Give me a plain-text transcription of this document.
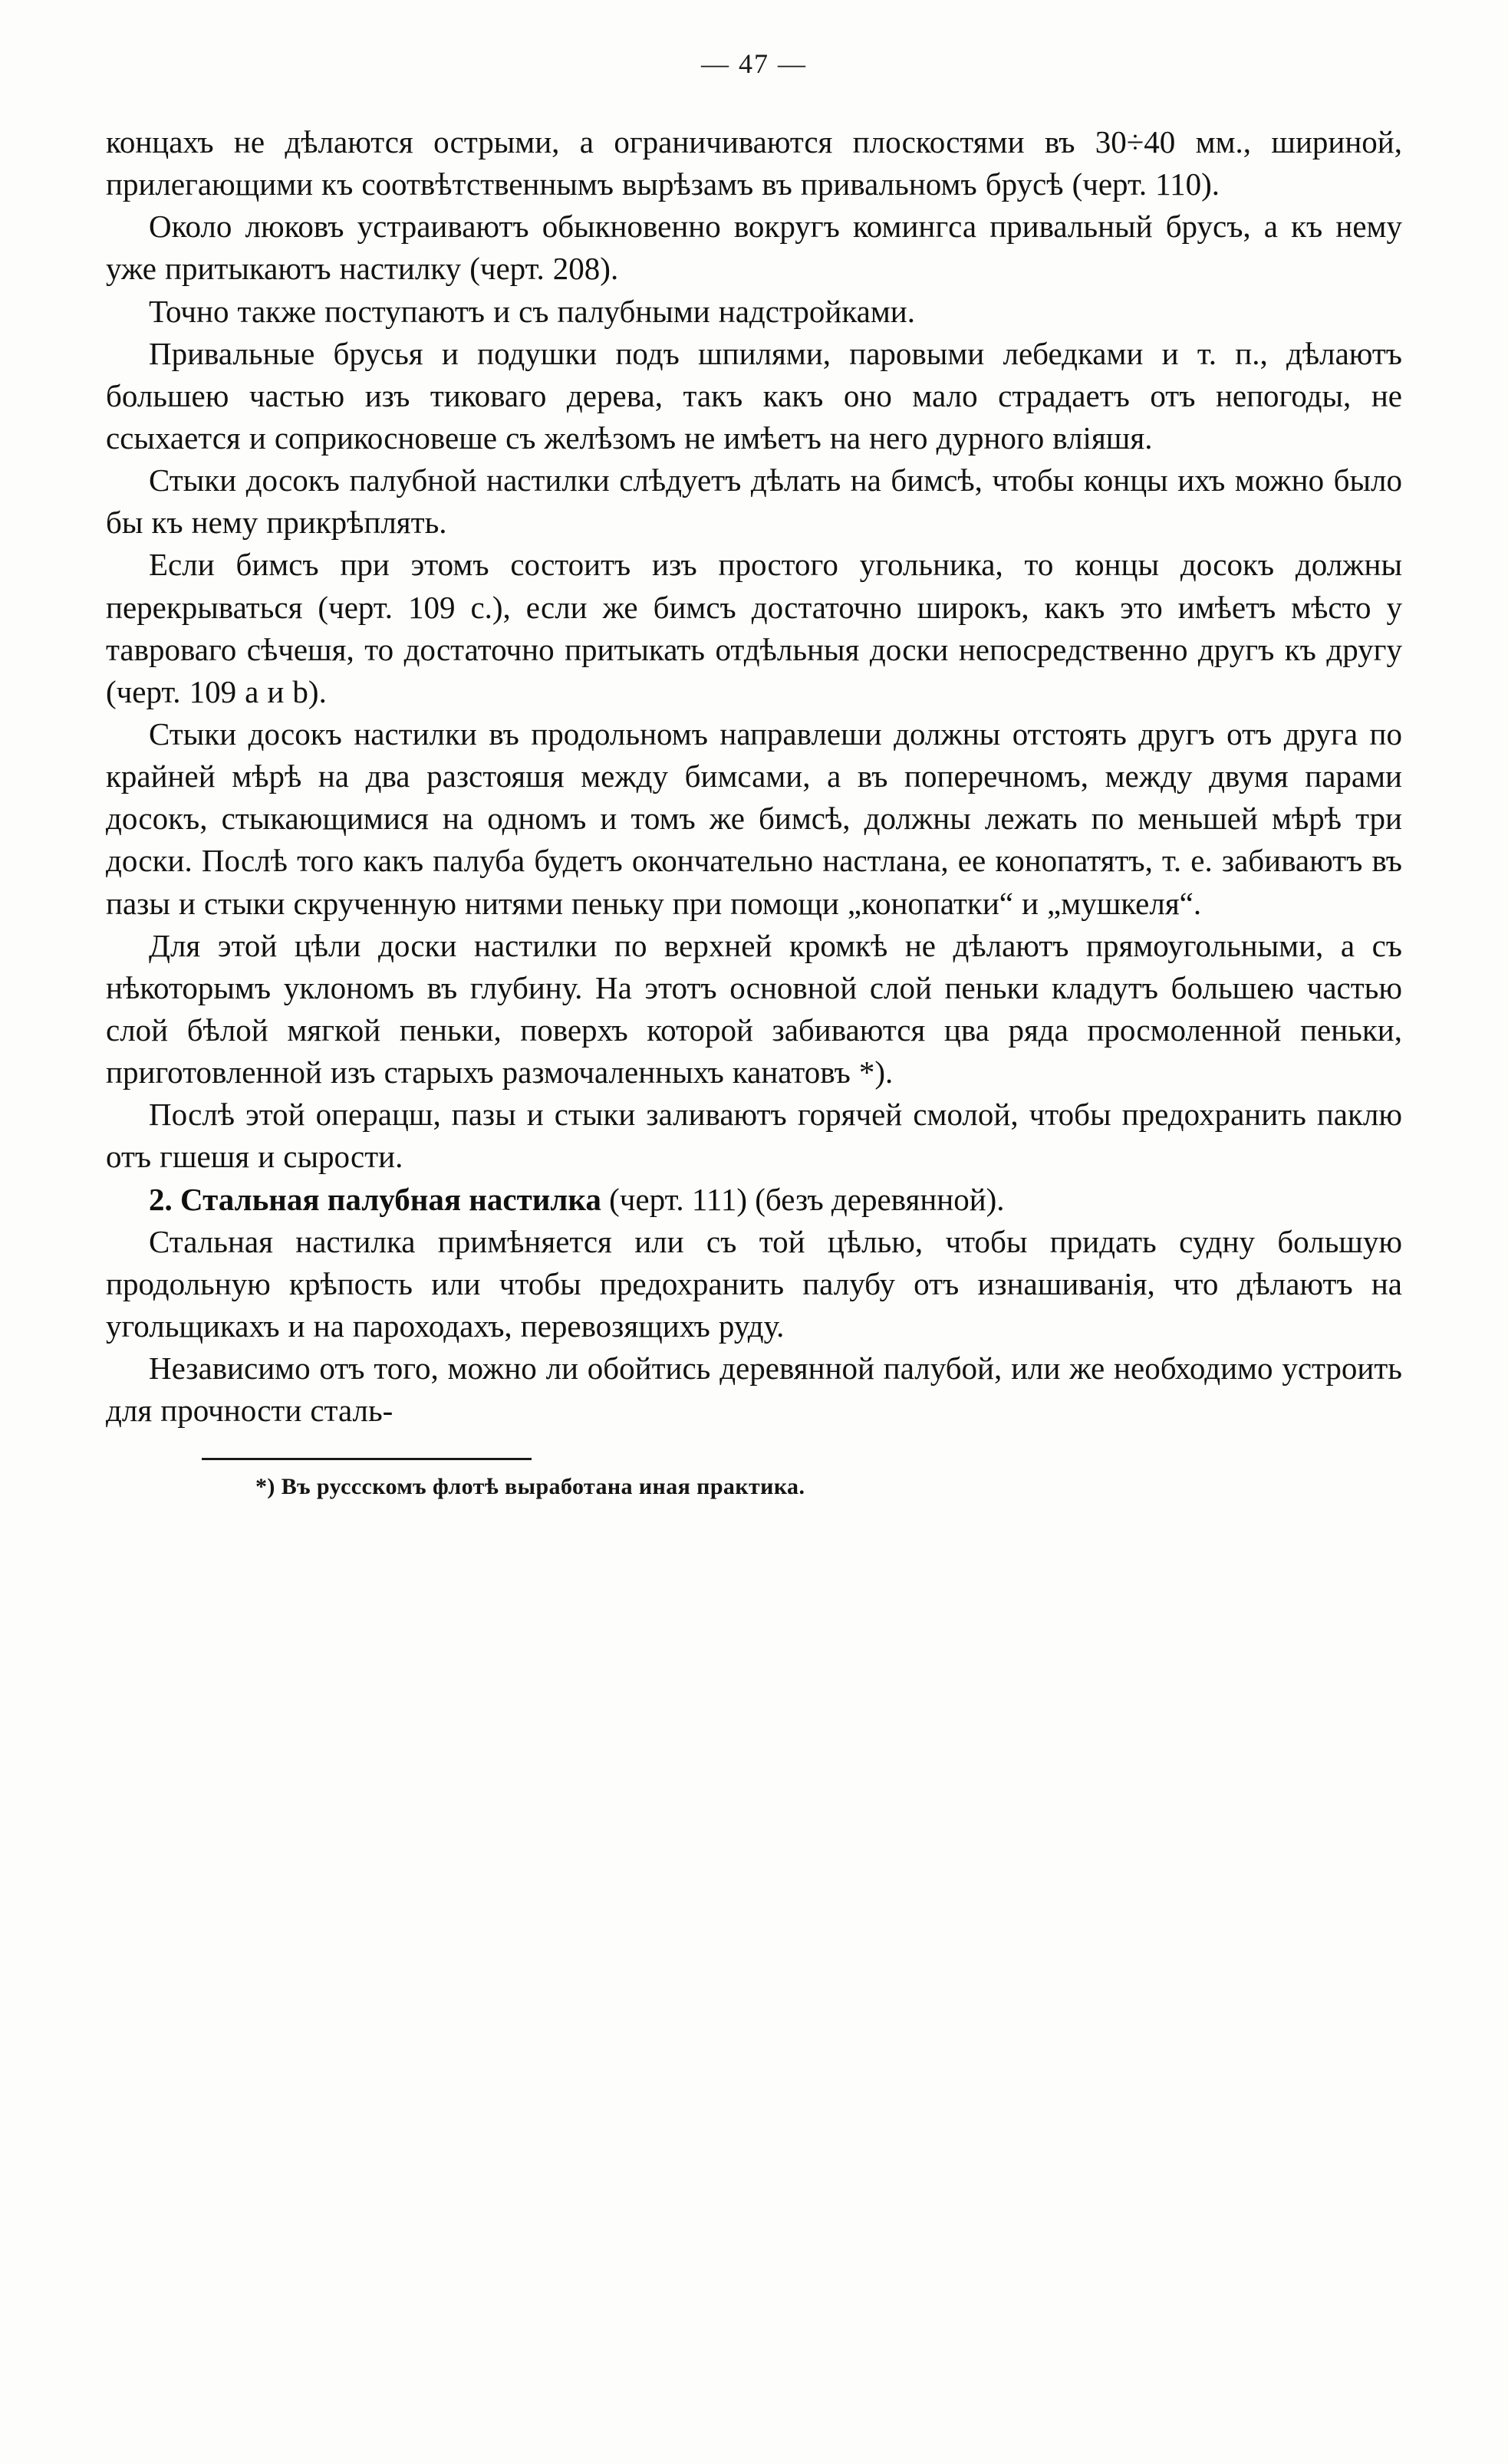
— 47 —

концахъ не дѣлаются острыми, а ограничиваются плоскостями въ 30÷40 мм., шириной, прилегающими къ соотвѣтственнымъ вырѣзамъ въ привальномъ брусѣ (черт. 110).

Около люковъ устраиваютъ обыкновенно вокругъ комингса привальный брусъ, а къ нему уже притыкаютъ настилку (черт. 208).

Точно также поступаютъ и съ палубными надстройками.

Привальные брусья и подушки подъ шпилями, паровыми лебедками и т. п., дѣлаютъ большею частью изъ тиковаго дерева, такъ какъ оно мало страдаетъ отъ непогоды, не ссыхается и соприкосновеше съ желѣзомъ не имѣетъ на него дурного вліяшя.

Стыки досокъ палубной настилки слѣдуетъ дѣлать на бимсѣ, чтобы концы ихъ можно было бы къ нему прикрѣплять.

Если бимсъ при этомъ состоитъ изъ простого угольника, то концы досокъ должны перекрываться (черт. 109 с.), если же бимсъ достаточно широкъ, какъ это имѣетъ мѣсто у тавроваго сѣчешя, то достаточно притыкать отдѣльныя доски непосредственно другъ къ другу (черт. 109 a и b).

Стыки досокъ настилки въ продольномъ направлеши должны отстоять другъ отъ друга по крайней мѣрѣ на два разстояшя между бимсами, а въ поперечномъ, между двумя парами досокъ, стыкающимися на одномъ и томъ же бимсѣ, должны лежать по меньшей мѣрѣ три доски. Послѣ того какъ палуба будетъ окончательно настлана, ее конопатятъ, т. е. забиваютъ въ пазы и стыки скрученную нитями пеньку при помощи „конопатки“ и „мушкеля“.

Для этой цѣли доски настилки по верхней кромкѣ не дѣлаютъ прямоугольными, а съ нѣкоторымъ уклономъ въ глубину. На этотъ основной слой пеньки кладутъ большею частью слой бѣлой мягкой пеньки, поверхъ которой забиваются цва ряда просмоленной пеньки, приготовленной изъ старыхъ размочаленныхъ канатовъ *).

Послѣ этой операцш, пазы и стыки заливаютъ горячей смолой, чтобы предохранить паклю отъ гшешя и сырости.

2. Стальная палубная настилка (черт. 111) (безъ деревянной).

Стальная настилка примѣняется или съ той цѣлью, чтобы придать судну большую продольную крѣпость или чтобы предохранить палубу отъ изнашиванія, что дѣлаютъ на угольщикахъ и на пароходахъ, перевозящихъ руду.

Независимо отъ того, можно ли обойтись деревянной палубой, или же необходимо устроить для прочности сталь-

*) Въ руссскомъ флотѣ выработана иная практика.
